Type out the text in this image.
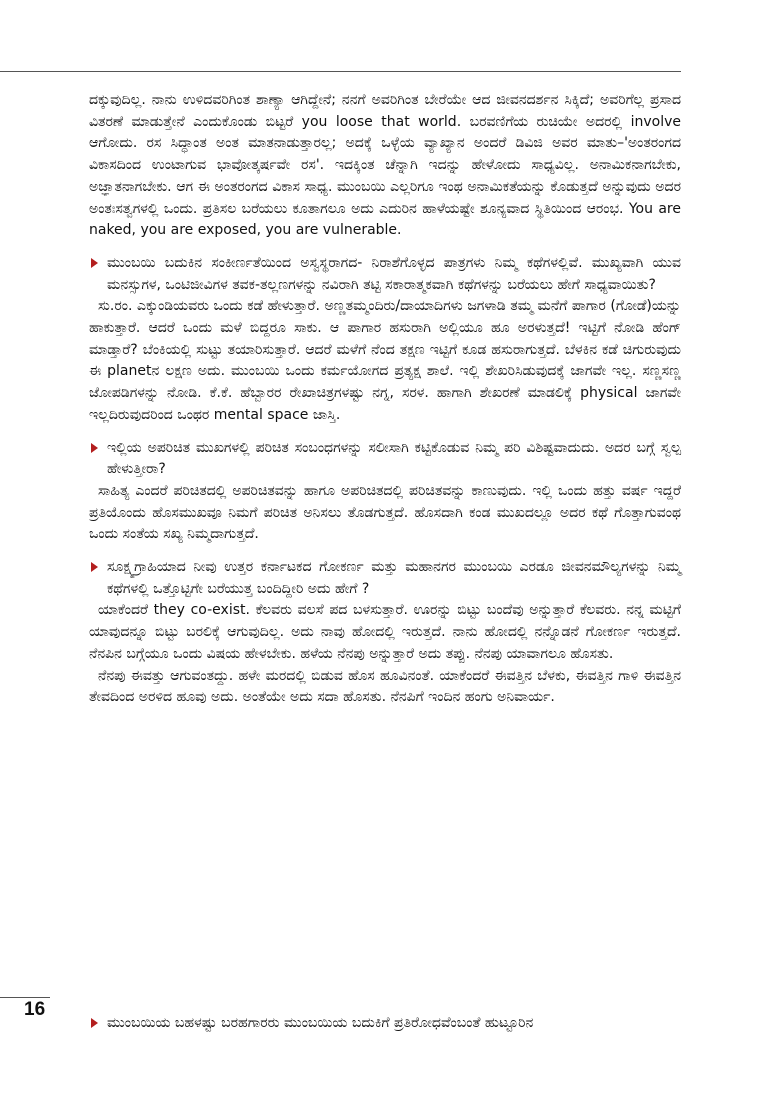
ದಕ್ಕುವುದಿಲ್ಲ. ನಾನು ಉಳಿದವರಿಗಿಂತ ಶಾಣ್ಯಾ ಆಗಿದ್ದೇನೆ; ನನಗೆ ಅವರಿಗಿಂತ ಬೇರೆಯೇ ಆದ ಜೀವನದರ್ಶನ ಸಿಕ್ಕಿದೆ; ಅವರಿಗೆಲ್ಲ ಪ್ರಸಾದ ವಿತರಣೆ ಮಾಡುತ್ತೇನೆ ಎಂದುಕೊಂಡು ಬಿಟ್ಟರೆ you loose that world. ಬರವಣಿಗೆಯ ರುಚಿಯೇ ಅದರಲ್ಲಿ involve ಆಗೋದು. ರಸ ಸಿದ್ಧಾಂತ ಅಂತ ಮಾತನಾಡುತ್ತಾರಲ್ಲ; ಅದಕ್ಕೆ ಒಳ್ಳೆಯ ವ್ಯಾಖ್ಯಾನ ಅಂದರೆ ಡಿವಿಜಿ ಅವರ ಮಾತು–'ಅಂತರಂಗದ ವಿಕಾಸದಿಂದ ಉಂಟಾಗುವ ಭಾವೋತ್ಕರ್ಷವೇ ರಸ'. ಇದಕ್ಕಿಂತ ಚೆನ್ನಾಗಿ ಇದನ್ನು ಹೇಳೋದು ಸಾಧ್ಯವಿಲ್ಲ. ಅನಾಮಿಕನಾಗಬೇಕು, ಅಜ್ಞಾತನಾಗಬೇಕು. ಆಗ ಈ ಅಂತರಂಗದ ವಿಕಾಸ ಸಾಧ್ಯ. ಮುಂಬಯಿ ಎಲ್ಲರಿಗೂ ಇಂಥ ಅನಾಮಿಕತೆಯನ್ನು ಕೊಡುತ್ತದೆ ಅನ್ನುವುದು ಅದರ ಅಂತಃಸತ್ವಗಳಲ್ಲಿ ಒಂದು. ಪ್ರತಿಸಲ ಬರೆಯಲು ಕೂತಾಗಲೂ ಅದು ಎದುರಿನ ಹಾಳೆಯಷ್ಟೇ ಶೂನ್ಯವಾದ ಸ್ಥಿತಿಯಿಂದ ಆರಂಭ. You are naked, you are exposed, you are vulnerable.

ಮುಂಬಯಿ ಬದುಕಿನ ಸಂಕೀರ್ಣತೆಯಿಂದ ಅಸ್ವಸ್ಥರಾಗದ- ನಿರಾಶೆಗೊಳ್ಳದ ಪಾತ್ರಗಳು ನಿಮ್ಮ ಕಥೆಗಳಲ್ಲಿವೆ. ಮುಖ್ಯವಾಗಿ ಯುವ ಮನಸ್ಸುಗಳ, ಒಂಟಿಜೀವಿಗಳ ತವಕ-ತಲ್ಲಣಗಳನ್ನು ನವಿರಾಗಿ ತಟ್ಟಿ ಸಕಾರಾತ್ಮಕವಾಗಿ ಕಥೆಗಳನ್ನು ಬರೆಯಲು ಹೇಗೆ ಸಾಧ್ಯವಾಯಿತು?

ಸು.ರಂ. ಎಕ್ಕುಂಡಿಯವರು ಒಂದು ಕಡೆ ಹೇಳುತ್ತಾರೆ. ಅಣ್ಣತಮ್ಮಂದಿರು/ದಾಯಾದಿಗಳು ಜಗಳಾಡಿ ತಮ್ಮ ಮನೆಗೆ ಪಾಗಾರ (ಗೋಡೆ)ಯನ್ನು ಹಾಕುತ್ತಾರೆ. ಆದರೆ ಒಂದು ಮಳೆ ಬಿದ್ದರೂ ಸಾಕು. ಆ ಪಾಗಾರ ಹಸುರಾಗಿ ಅಲ್ಲಿಯೂ ಹೂ ಅರಳುತ್ತದೆ! ಇಟ್ಟಿಗೆ ನೋಡಿ ಹೆಂಗ್ ಮಾಡ್ತಾರೆ? ಬೆಂಕಿಯಲ್ಲಿ ಸುಟ್ಟು ತಯಾರಿಸುತ್ತಾರೆ. ಆದರೆ ಮಳೆಗೆ ನೆಂದ ತಕ್ಷಣ ಇಟ್ಟಿಗೆ ಕೂಡ ಹಸುರಾಗುತ್ತದೆ. ಬೆಳಕಿನ ಕಡೆ ಚಿಗುರುವುದು ಈ planetನ ಲಕ್ಷಣ ಅದು. ಮುಂಬಯಿ ಒಂದು ಕರ್ಮಯೋಗದ ಪ್ರತ್ಯಕ್ಷ ಶಾಲೆ. ಇಲ್ಲಿ ಶೇಖರಿಸಿಡುವುದಕ್ಕೆ ಜಾಗವೇ ಇಲ್ಲ. ಸಣ್ಣಸಣ್ಣ ಜೋಪಡಿಗಳನ್ನು ನೋಡಿ. ಕೆ.ಕೆ. ಹೆಬ್ಬಾರರ ರೇಖಾಚಿತ್ರಗಳಷ್ಟು ನಗ್ನ, ಸರಳ. ಹಾಗಾಗಿ ಶೇಖರಣೆ ಮಾಡಲಿಕ್ಕೆ physical ಜಾಗವೇ ಇಲ್ಲದಿರುವುದರಿಂದ ಒಂಥರ mental space ಜಾಸ್ತಿ.

ಇಲ್ಲಿಯ ಅಪರಿಚಿತ ಮುಖಗಳಲ್ಲಿ ಪರಿಚಿತ ಸಂಬಂಧಗಳನ್ನು ಸಲೀಸಾಗಿ ಕಟ್ಟಿಕೊಡುವ ನಿಮ್ಮ ಪರಿ ವಿಶಿಷ್ಟವಾದುದು. ಅದರ ಬಗ್ಗೆ ಸ್ವಲ್ಪ ಹೇಳುತ್ತೀರಾ?

ಸಾಹಿತ್ಯ ಎಂದರೆ ಪರಿಚಿತದಲ್ಲಿ ಅಪರಿಚಿತವನ್ನು ಹಾಗೂ ಅಪರಿಚಿತದಲ್ಲಿ ಪರಿಚಿತವನ್ನು ಕಾಣುವುದು. ಇಲ್ಲಿ ಒಂದು ಹತ್ತು ವರ್ಷ ಇದ್ದರೆ ಪ್ರತಿಯೊಂದು ಹೊಸಮುಖವೂ ನಿಮಗೆ ಪರಿಚಿತ ಅನಿಸಲು ತೊಡಗುತ್ತದೆ. ಹೊಸದಾಗಿ ಕಂಡ ಮುಖದಲ್ಲೂ ಅದರ ಕಥೆ ಗೊತ್ತಾಗುವಂಥ ಒಂದು ಸಂತೆಯ ಸಖ್ಯ ನಿಮ್ಮದಾಗುತ್ತದೆ.

ಸೂಕ್ಷ್ಮಗ್ರಾಹಿಯಾದ ನೀವು ಉತ್ತರ ಕರ್ನಾಟಕದ ಗೋಕರ್ಣ ಮತ್ತು ಮಹಾನಗರ ಮುಂಬಯಿ ಎರಡೂ ಜೀವನಮೌಲ್ಯಗಳನ್ನು ನಿಮ್ಮ ಕಥೆಗಳಲ್ಲಿ ಒತ್ತೊಟ್ಟಿಗೇ ಬರೆಯುತ್ತ ಬಂದಿದ್ದೀರಿ ಅದು ಹೇಗೆ ?

ಯಾಕೆಂದರೆ they co-exist. ಕೆಲವರು ವಲಸೆ ಪದ ಬಳಸುತ್ತಾರೆ. ಊರನ್ನು ಬಿಟ್ಟು ಬಂದೆವು ಅನ್ನುತ್ತಾರೆ ಕೆಲವರು. ನನ್ನ ಮಟ್ಟಿಗೆ ಯಾವುದನ್ನೂ ಬಿಟ್ಟು ಬರಲಿಕ್ಕೆ ಆಗುವುದಿಲ್ಲ. ಅದು ನಾವು ಹೋದಲ್ಲಿ ಇರುತ್ತದೆ. ನಾನು ಹೋದಲ್ಲಿ ನನ್ನೊಡನೆ ಗೋಕರ್ಣ ಇರುತ್ತದೆ. ನೆನಪಿನ ಬಗ್ಗೆಯೂ ಒಂದು ವಿಷಯ ಹೇಳಬೇಕು. ಹಳೆಯ ನೆನಪು ಅನ್ನುತ್ತಾರೆ ಅದು ತಪ್ಪು. ನೆನಪು ಯಾವಾಗಲೂ ಹೊಸತು.

ನೆನಪು ಈವತ್ತು ಆಗುವಂತದ್ದು. ಹಳೇ ಮರದಲ್ಲಿ ಬಿಡುವ ಹೊಸ ಹೂವಿನಂತೆ. ಯಾಕೆಂದರೆ ಈವತ್ತಿನ ಬೆಳಕು, ಈವತ್ತಿನ ಗಾಳಿ ಈವತ್ತಿನ ತೇವದಿಂದ ಅರಳಿದ ಹೂವು ಅದು. ಅಂತೆಯೇ ಅದು ಸದಾ ಹೊಸತು. ನೆನಪಿಗೆ ಇಂದಿನ ಹಂಗು ಅನಿವಾರ್ಯ.

16

ಮುಂಬಯಿಯ ಬಹಳಷ್ಟು ಬರಹಗಾರರು ಮುಂಬಯಿಯ ಬದುಕಿಗೆ ಪ್ರತಿರೋಧವೆಂಬಂತೆ ಹುಟ್ಟೂರಿನ
